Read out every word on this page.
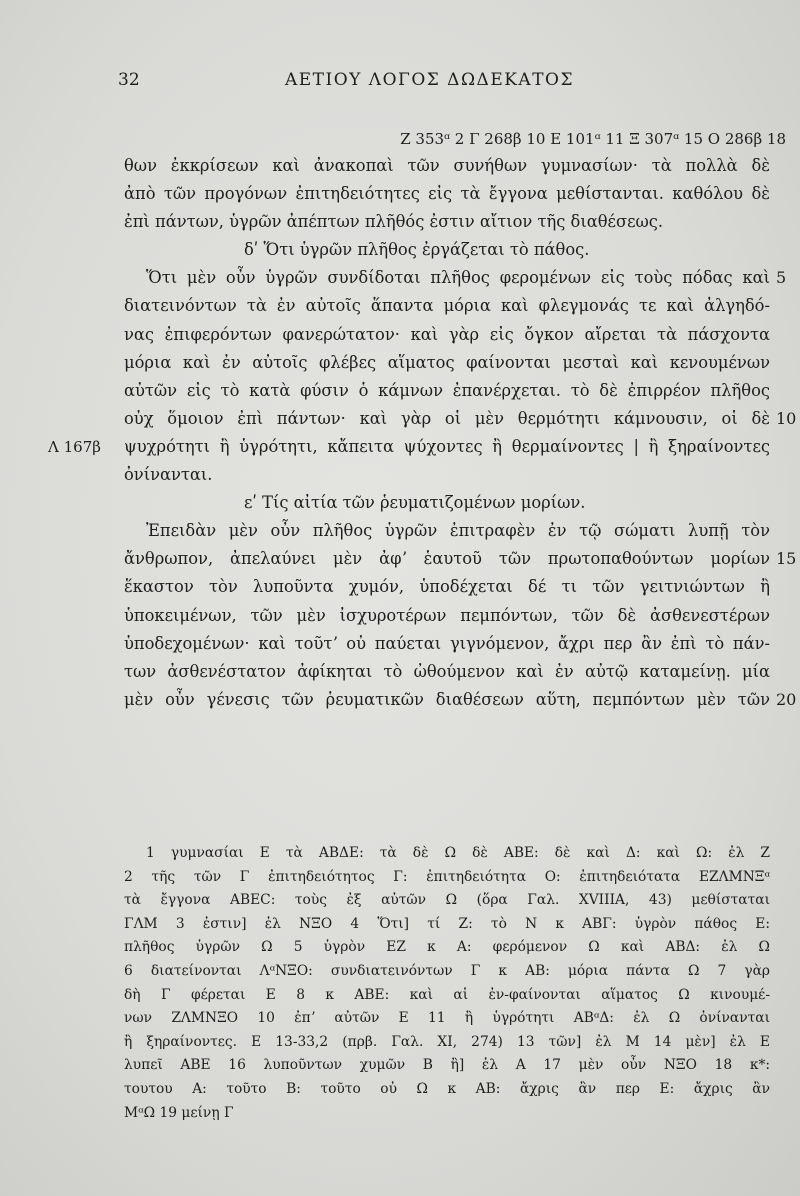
32	ΑΕΤΙΟΥ ΛΟΓΟΣ ΔΩΔΕΚΑΤΟΣ
Z 353ᵅ 2 Γ 268β 10 E 101ᵅ 11 Ξ 307ᵅ 15 O 286β 18
θων ἐκκρίσεων καὶ ἀνακοπαὶ τῶν συνήθων γυμνασίων· τὰ πολλὰ δὲ
ἀπὸ τῶν προγόνων ἐπιτηδειότητες εἰς τὰ ἔγγονα μεθίστανται. καθόλου δὲ
ἐπὶ πάντων, ὑγρῶν ἀπέπτων πλῆθός ἐστιν αἴτιον τῆς διαθέσεως.
δʹ Ὅτι ὑγρῶν πλῆθος ἐργάζεται τὸ πάθος.
Ὅτι μὲν οὖν ὑγρῶν συνδίδοται πλῆθος φερομένων εἰς τοὺς πόδας καὶ 5
διατεινόντων τὰ ἐν αὐτοῖς ἅπαντα μόρια καὶ φλεγμονάς τε καὶ ἀλγηδό-
νας ἐπιφερόντων φανερώτατον· καὶ γὰρ εἰς ὄγκον αἴρεται τὰ πάσχοντα
μόρια καὶ ἐν αὐτοῖς φλέβες αἵματος φαίνονται μεσταὶ καὶ κενουμένων
αὐτῶν εἰς τὸ κατὰ φύσιν ὁ κάμνων ἐπανέρχεται. τὸ δὲ ἐπιρρέον πλῆθος
οὐχ ὅμοιον ἐπὶ πάντων· καὶ γὰρ οἱ μὲν θερμότητι κάμνουσιν, οἱ δὲ 10
ψυχρότητι ἢ ὑγρότητι, κἄπειτα ψύχοντες ἢ θερμαίνοντες | ἢ ξηραίνοντες
Λ 167β
ὀνίνανται.
εʹ Τίς αἰτία τῶν ῥευματιζομένων μορίων.
Ἐπειδὰν μὲν οὖν πλῆθος ὑγρῶν ἐπιτραφὲν ἐν τῷ σώματι λυπῇ τὸν
ἄνθρωπον, ἀπελαύνει μὲν ἀφʼ ἑαυτοῦ τῶν πρωτοπαθούντων μορίων 15
ἕκαστον τὸν λυποῦντα χυμόν, ὑποδέχεται δέ τι τῶν γειτνιώντων ἢ
ὑποκειμένων, τῶν μὲν ἰσχυροτέρων πεμπόντων, τῶν δὲ ἀσθενεστέρων
ὑποδεχομένων· καὶ τοῦτʼ οὐ παύεται γιγνόμενον, ἄχρι περ ἂν ἐπὶ τὸ πάν-
των ἀσθενέστατον ἀφίκηται τὸ ὠθούμενον καὶ ἐν αὐτῷ καταμείνῃ. μία
μὲν οὖν γένεσις τῶν ῥευματικῶν διαθέσεων αὕτη, πεμπόντων μὲν τῶν 20
1 γυμνασίαι E τὰ ΑΒΔΕ: τὰ δὲ Ω δὲ ΑΒΕ: δὲ καὶ Δ: καὶ Ω: ἐλ Ζ
2 τῆς τῶν Γ ἐπιτηδειότητος Γ: ἐπιτηδειότητα Ο: ἐπιτηδειότατα ΕΖΛΜΝΞᵅ
τὰ ἔγγονα ΑΒΕC: τοὺς ἐξ αὐτῶν Ω (ὅρα Γαλ. XVIIIA, 43) μεθίσταται
ΓΛΜ 3 ἐστιν] ἐλ ΝΞΟ 4 Ὅτι] τί Ζ: τὸ Ν κ ΑΒΓ: ὑγρὸν πάθος Ε:
πλῆθος ὑγρῶν Ω 5 ὑγρὸν ΕΖ κ Α: φερόμενον Ω καὶ ΑΒΔ: ἐλ Ω
6 διατείνονται ΛᵅΝΞΟ: συνδιατεινόντων Γ κ ΑΒ: μόρια πάντα Ω 7 γὰρ
δὴ Γ φέρεται Ε 8 κ ΑΒΕ: καὶ αἱ ἐν-φαίνονται αἵματος Ω κινουμέ-
νων ΖΛΜΝΞΟ 10 ἐπʼ αὐτῶν Ε 11 ἢ ὑγρότητι ΑΒᵅΔ: ἐλ Ω ὀνίνανται
ἢ ξηραίνοντες. Ε 13-33,2 (πρβ. Γαλ. XI, 274) 13 τῶν] ἐλ Μ 14 μὲν] ἐλ Ε
λυπεῖ ΑΒΕ 16 λυποῦντων χυμῶν Β ἢ] ἐλ Α 17 μὲν οὖν ΝΞΟ 18 κ*:
τουτου Α: τοῦτο Β: τοῦτο οὐ Ω κ ΑΒ: ἄχρις ἂν περ Ε: ἄχρις ἂν
ΜᵅΩ 19 μείνῃ Γ
